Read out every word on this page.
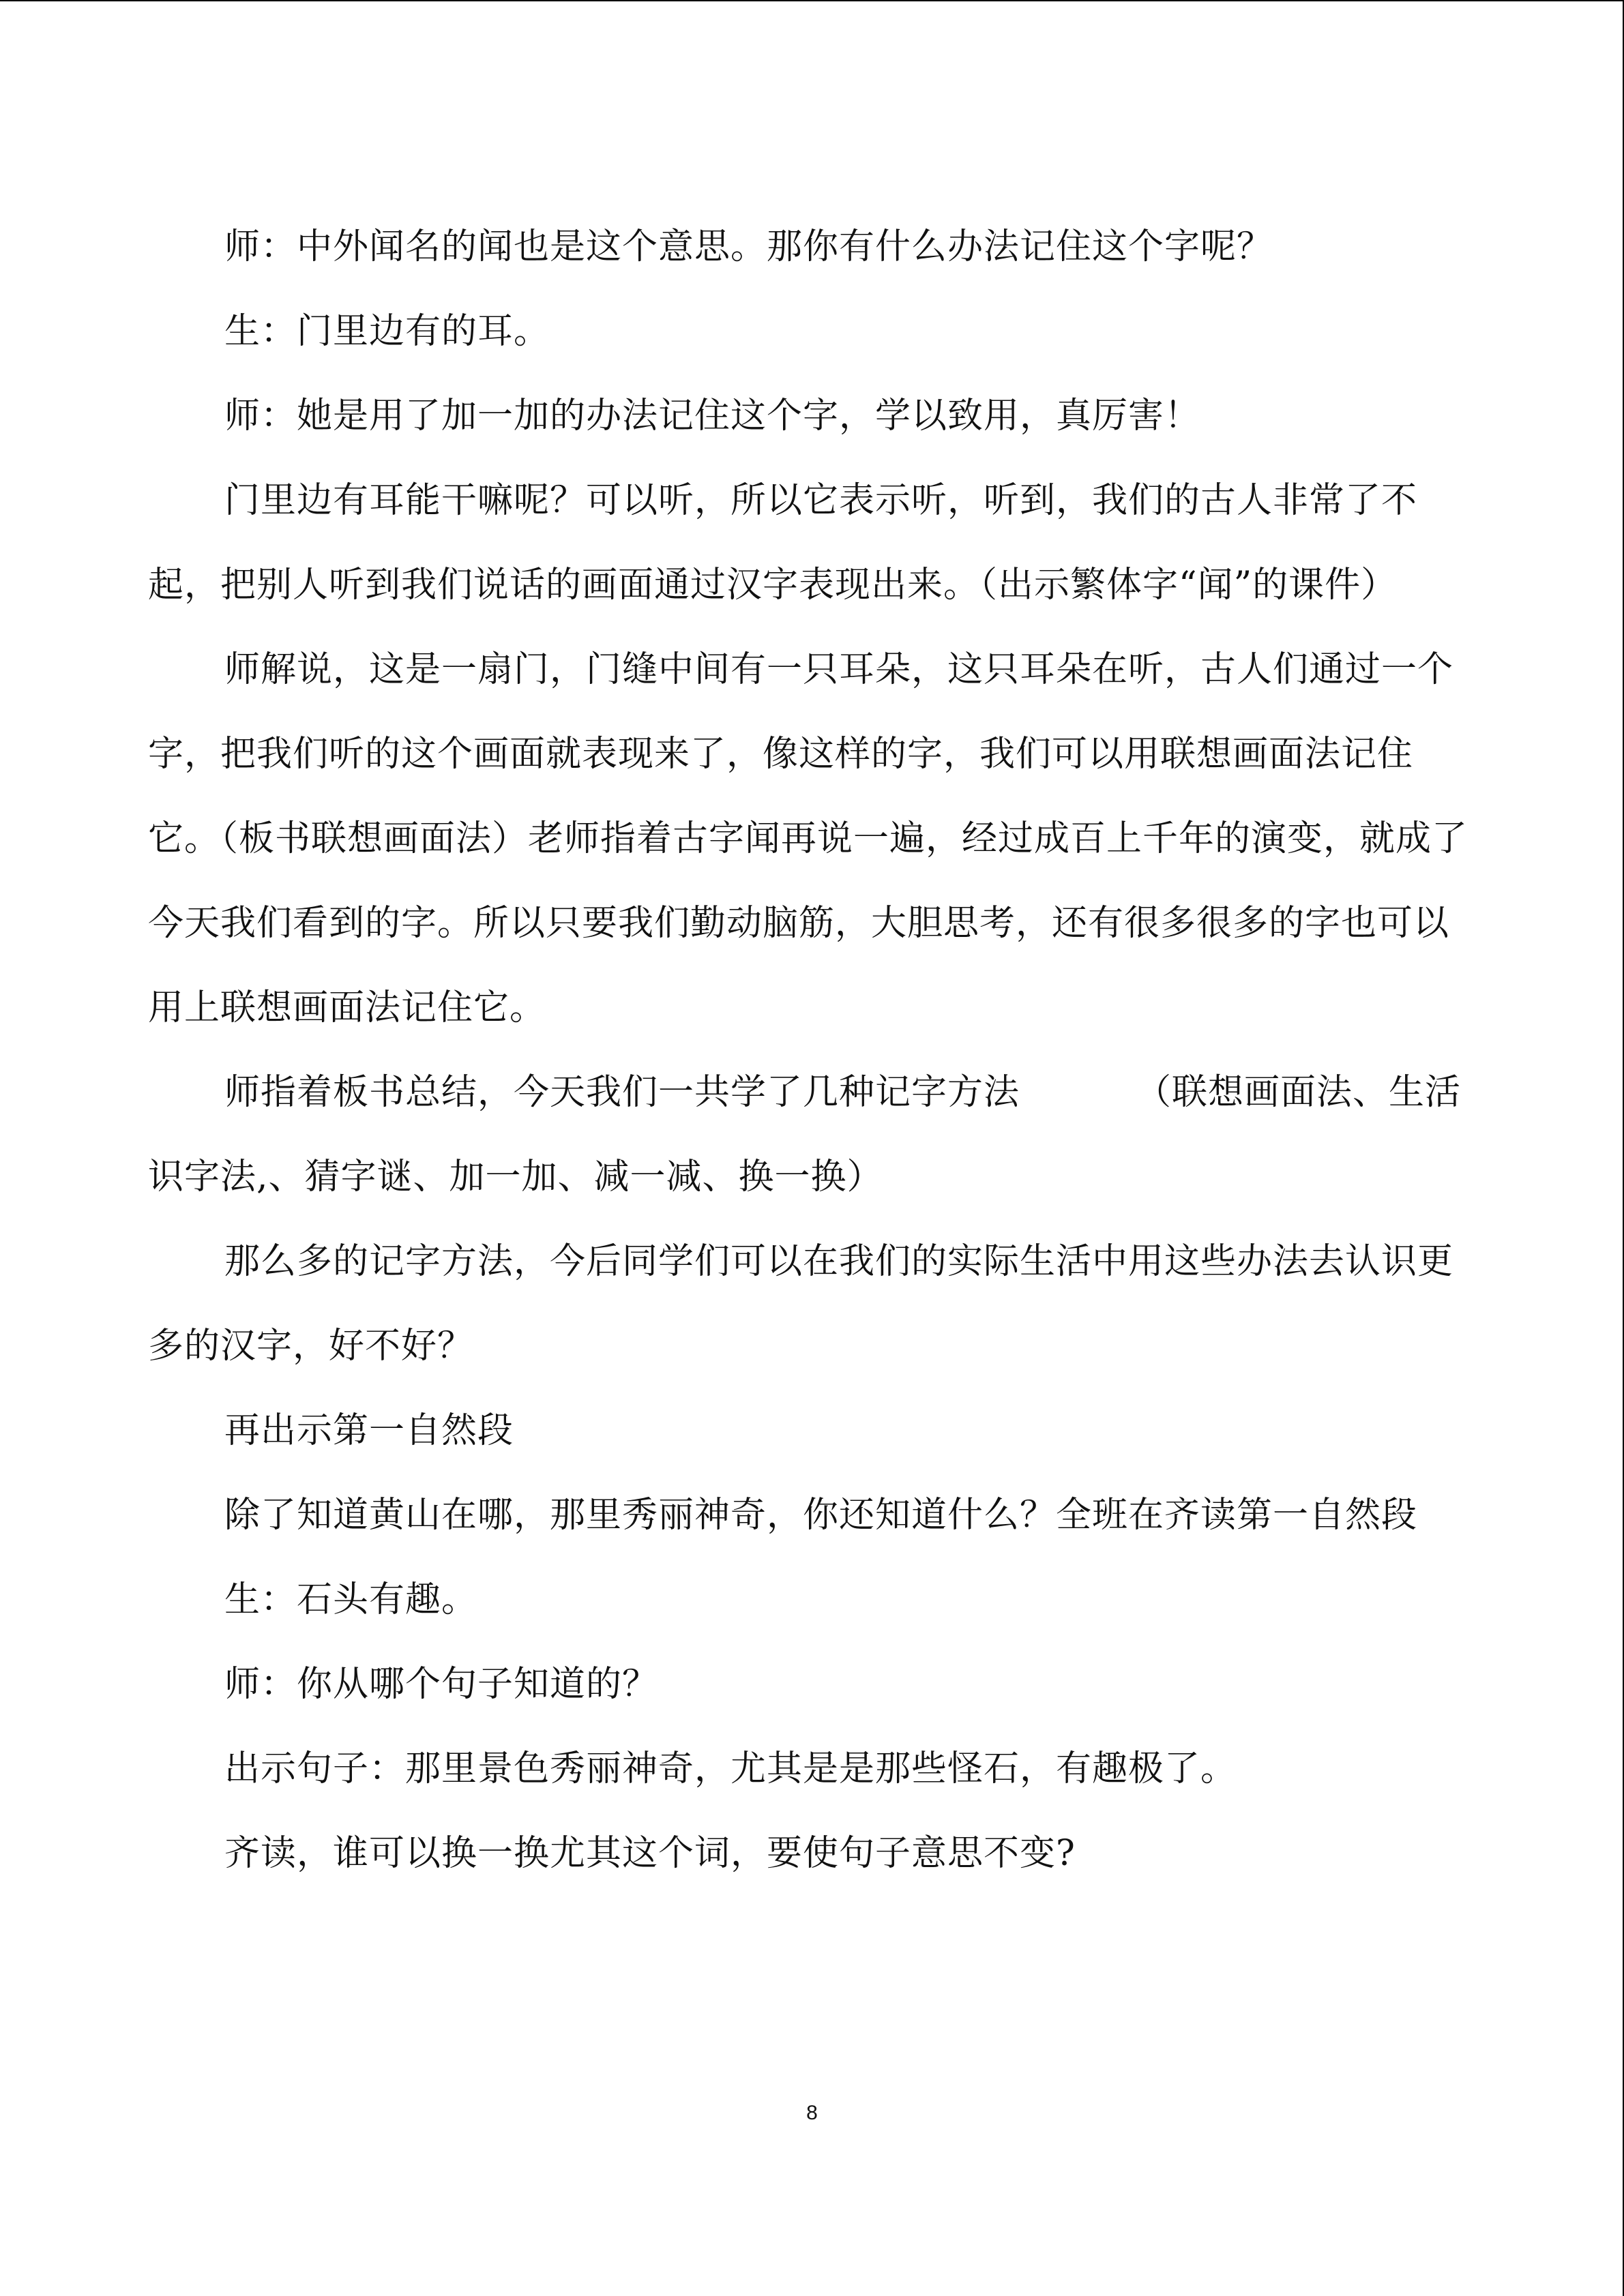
师：中外闻名的闻也是这个意思。那你有什么办法记住这个字呢？

生：门里边有的耳。

师：她是用了加一加的办法记住这个字，学以致用，真厉害！

门里边有耳能干嘛呢？可以听，所以它表示听，听到，我们的古人非常了不起，把别人听到我们说话的画面通过汉字表现出来。（出示繁体字“闻”的课件）

师解说，这是一扇门，门缝中间有一只耳朵，这只耳朵在听，古人们通过一个字，把我们听的这个画面就表现来了，像这样的字，我们可以用联想画面法记住它。（板书联想画面法）老师指着古字闻再说一遍，经过成百上千年的演变，就成了今天我们看到的字。所以只要我们勤动脑筋，大胆思考，还有很多很多的字也可以用上联想画面法记住它。

师指着板书总结，今天我们一共学了几种记字方法	（联想画面法、生活识字法,、猜字谜、加一加、减一减、换一换）

那么多的记字方法，今后同学们可以在我们的实际生活中用这些办法去认识更多的汉字，好不好？

再出示第一自然段

除了知道黄山在哪，那里秀丽神奇，你还知道什么？全班在齐读第一自然段

生：石头有趣。

师：你从哪个句子知道的？

出示句子：那里景色秀丽神奇，尤其是是那些怪石，有趣极了。

齐读，谁可以换一换尤其这个词，要使句子意思不变?

8
